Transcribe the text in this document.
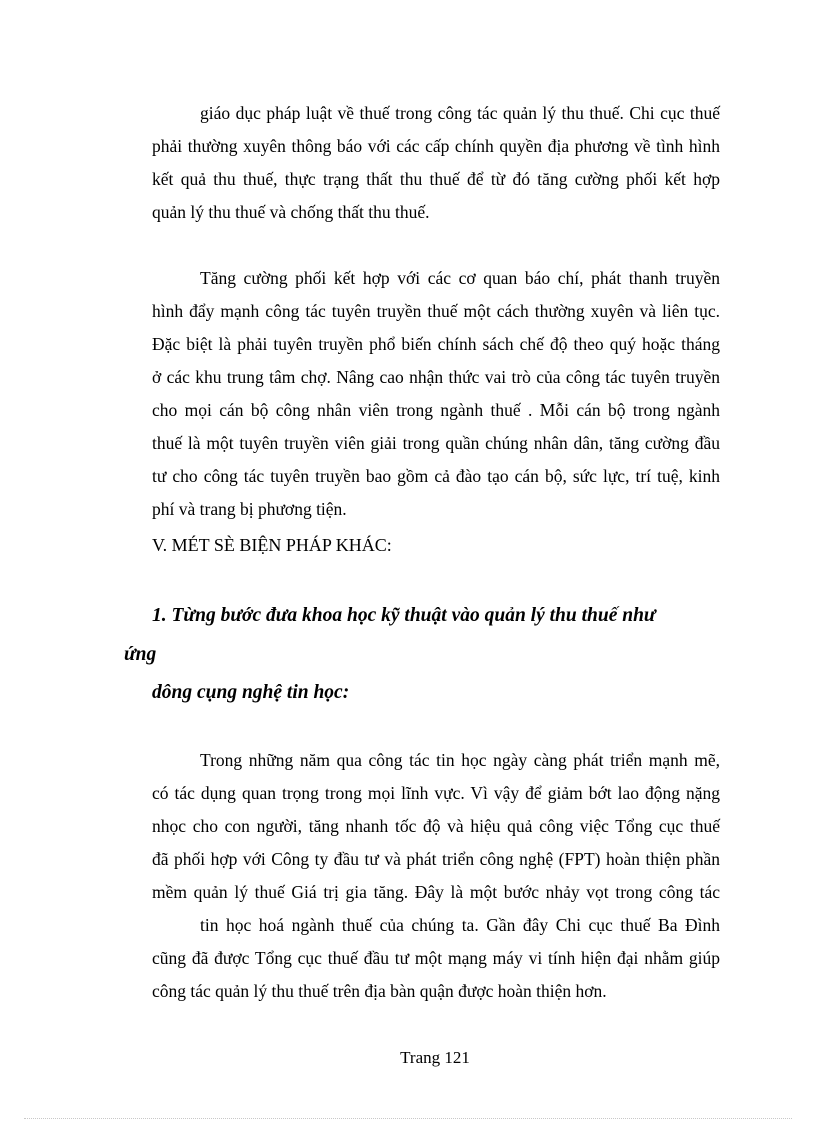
giáo dục pháp luật về thuế trong công tác quản lý thu thuế. Chi cục thuế
phải thường xuyên thông báo với các cấp chính quyền địa phương về tình hình
kết quả thu thuế, thực trạng thất thu thuế để từ đó tăng cường phối kết hợp
quản lý thu thuế và chống thất thu thuế.
Tăng cường phối kết hợp với các cơ quan báo chí, phát thanh truyền
hình đẩy mạnh công tác tuyên truyền thuế một cách thường xuyên và liên tục.
Đặc biệt là phải tuyên truyền phổ biến chính sách chế độ theo quý hoặc tháng
ở các khu trung tâm chợ. Nâng cao nhận thức vai trò của công tác tuyên truyền
cho mọi cán bộ công nhân viên trong ngành thuế . Mỗi cán bộ trong ngành
thuế là một tuyên truyền viên giải trong quần chúng nhân dân, tăng cường đầu
tư cho công tác tuyên truyền bao gồm cả đào tạo cán bộ, sức lực, trí tuệ, kinh
phí và trang bị phương tiện.
V. MÉT SÈ BIỆN PHÁP KHÁC:
1. Từng bước đưa khoa học kỹ thuật vào quản lý thu thuế như
ứng
dông cụng nghệ tin học:
Trong những năm qua công tác tin học ngày càng phát triển mạnh mẽ,
có tác dụng quan trọng trong mọi lĩnh vực. Vì vậy để giảm bớt lao động nặng
nhọc cho con người, tăng nhanh tốc độ và hiệu quả công việc Tổng cục thuế
đã phối hợp với Công ty đầu tư và phát triển công nghệ (FPT) hoàn thiện phần
mềm quản lý thuế Giá trị gia tăng. Đây là một bước nhảy vọt trong công tác
tin học hoá ngành thuế của chúng ta. Gần đây Chi cục thuế Ba Đình
cũng đã được Tổng cục thuế đầu tư một mạng máy vi tính hiện đại nhằm giúp
công tác quản lý thu thuế trên địa bàn quận được hoàn thiện hơn.
Trang 121
